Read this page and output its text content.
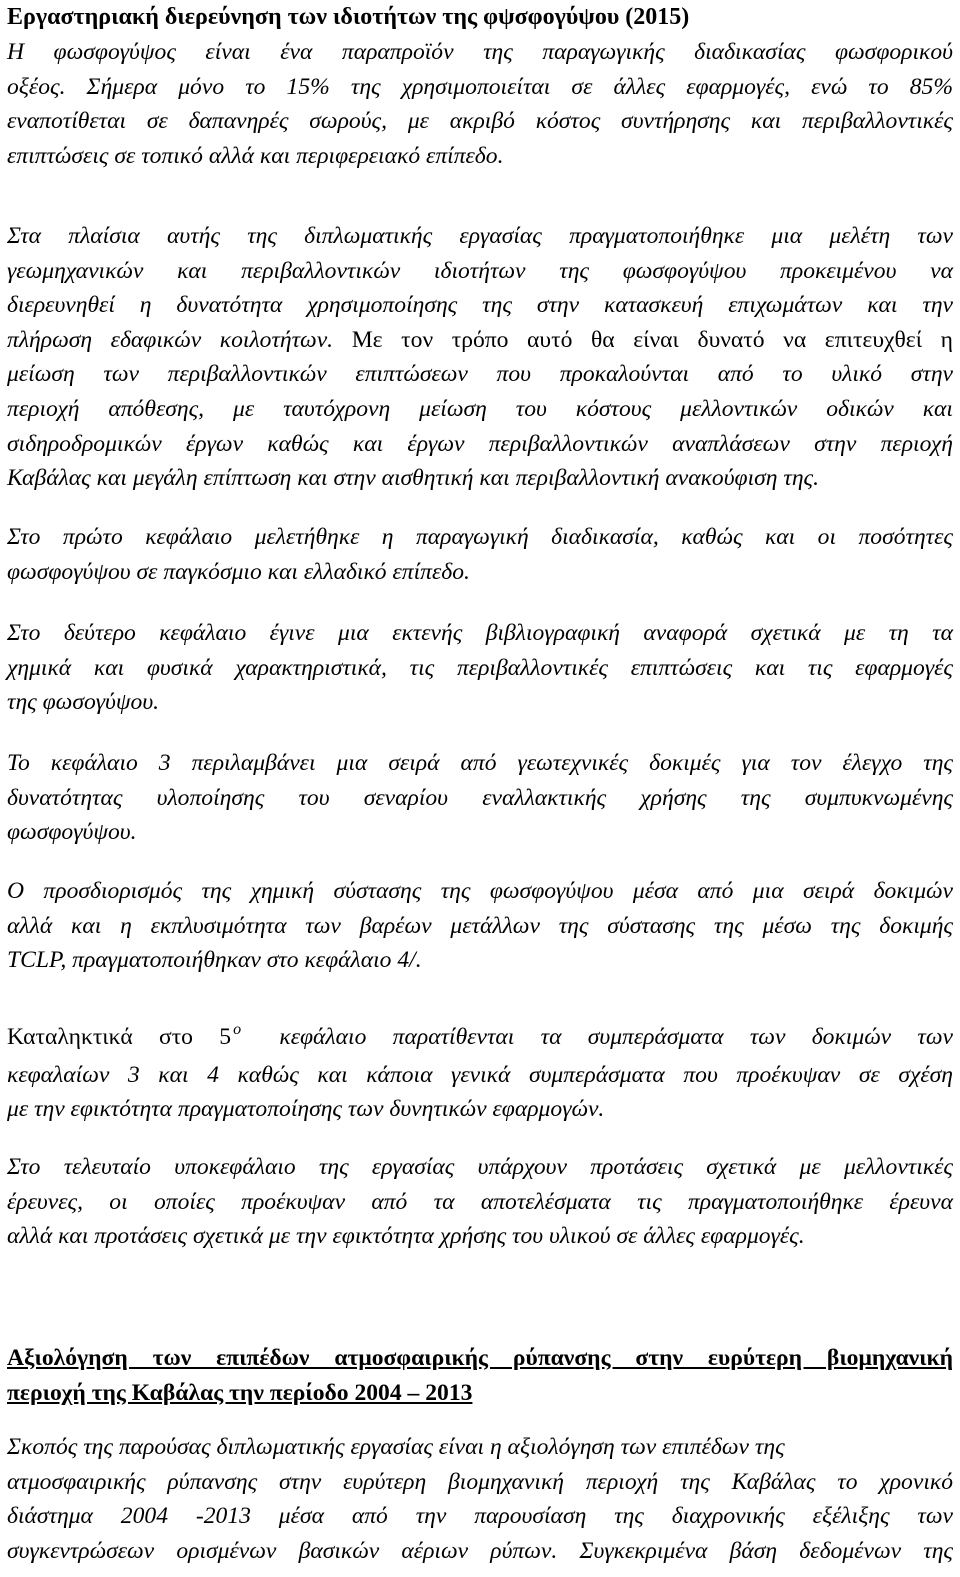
Εργαστηριακή διερεύνηση των ιδιοτήτων της φψσφογύψου (2015)
Η φωσφογύψος είναι ένα παραπροϊόν της παραγωγικής διαδικασίας φωσφορικού
οξέος. Σήμερα μόνο το 15% της χρησιμοποιείται σε άλλες εφαρμογές, ενώ το 85%
εναποτίθεται σε δαπανηρές σωρούς, με ακριβό κόστος συντήρησης και περιβαλλοντικές
επιπτώσεις σε τοπικό αλλά και περιφερειακό επίπεδο.
Στα πλαίσια αυτής της διπλωματικής εργασίας πραγματοποιήθηκε μια μελέτη των
γεωμηχανικών και περιβαλλοντικών ιδιοτήτων της φωσφογύψου προκειμένου να
διερευνηθεί η δυνατότητα χρησιμοποίησης της στην κατασκευή επιχωμάτων και την
πλήρωση εδαφικών κοιλοτήτων. Με τον τρόπο αυτό θα είναι δυνατό να επιτευχθεί η
μείωση των περιβαλλοντικών επιπτώσεων που προκαλούνται από το υλικό στην
περιοχή απόθεσης, με ταυτόχρονη μείωση του κόστους μελλοντικών οδικών και
σιδηροδρομικών έργων καθώς και έργων περιβαλλοντικών αναπλάσεων στην περιοχή
Καβάλας και μεγάλη επίπτωση και στην αισθητική και περιβαλλοντική ανακούφιση της.
Στο πρώτο κεφάλαιο μελετήθηκε η παραγωγική διαδικασία, καθώς και οι ποσότητες
φωσφογύψου σε παγκόσμιο και ελλαδικό επίπεδο.
Στο δεύτερο κεφάλαιο έγινε μια εκτενής βιβλιογραφική αναφορά σχετικά με τη τα
χημικά και φυσικά χαρακτηριστικά, τις περιβαλλοντικές επιπτώσεις και τις εφαρμογές
της φωσογύψου.
Το κεφάλαιο 3 περιλαμβάνει μια σειρά από γεωτεχνικές δοκιμές για τον έλεγχο της
δυνατότητας υλοποίησης του σεναρίου εναλλακτικής χρήσης της συμπυκνωμένης
φωσφογύψου.
Ο προσδιορισμός της χημική σύστασης της φωσφογύψου μέσα από μια σειρά δοκιμών
αλλά και η εκπλυσιμότητα των βαρέων μετάλλων της σύστασης της μέσω της δοκιμής
TCLP, πραγματοποιήθηκαν στο κεφάλαιο 4/.
Καταληκτικά στο 5 $^o$ κεφάλαιο παρατίθενται τα συμπεράσματα των δοκιμών των
κεφαλαίων 3 και 4 καθώς και κάποια γενικά συμπεράσματα που προέκυψαν σε σχέση
με την εφικτότητα πραγματοποίησης των δυνητικών εφαρμογών.
Στο τελευταίο υποκεφάλαιο της εργασίας υπάρχουν προτάσεις σχετικά με μελλοντικές
έρευνες, οι οποίες προέκυψαν από τα αποτελέσματα τις πραγματοποιήθηκε έρευνα
αλλά και προτάσεις σχετικά με την εφικτότητα χρήσης του υλικού σε άλλες εφαρμογές.
Αξιολόγηση των επιπέδων ατμοσφαιρικής ρύπανσης στην ευρύτερη βιομηχανική
περιοχή της Καβάλας την περίοδο 2004 – 2013
Σκοπός της παρούσας διπλωματικής εργασίας είναι η αξιολόγηση των επιπέδων της
ατμοσφαιρικής ρύπανσης στην ευρύτερη βιομηχανική περιοχή της Καβάλας το χρονικό
διάστημα 2004 -2013 μέσα από την παρουσίαση της διαχρονικής εξέλιξης των
συγκεντρώσεων ορισμένων βασικών αέριων ρύπων. Συγκεκριμένα βάση δεδομένων της
